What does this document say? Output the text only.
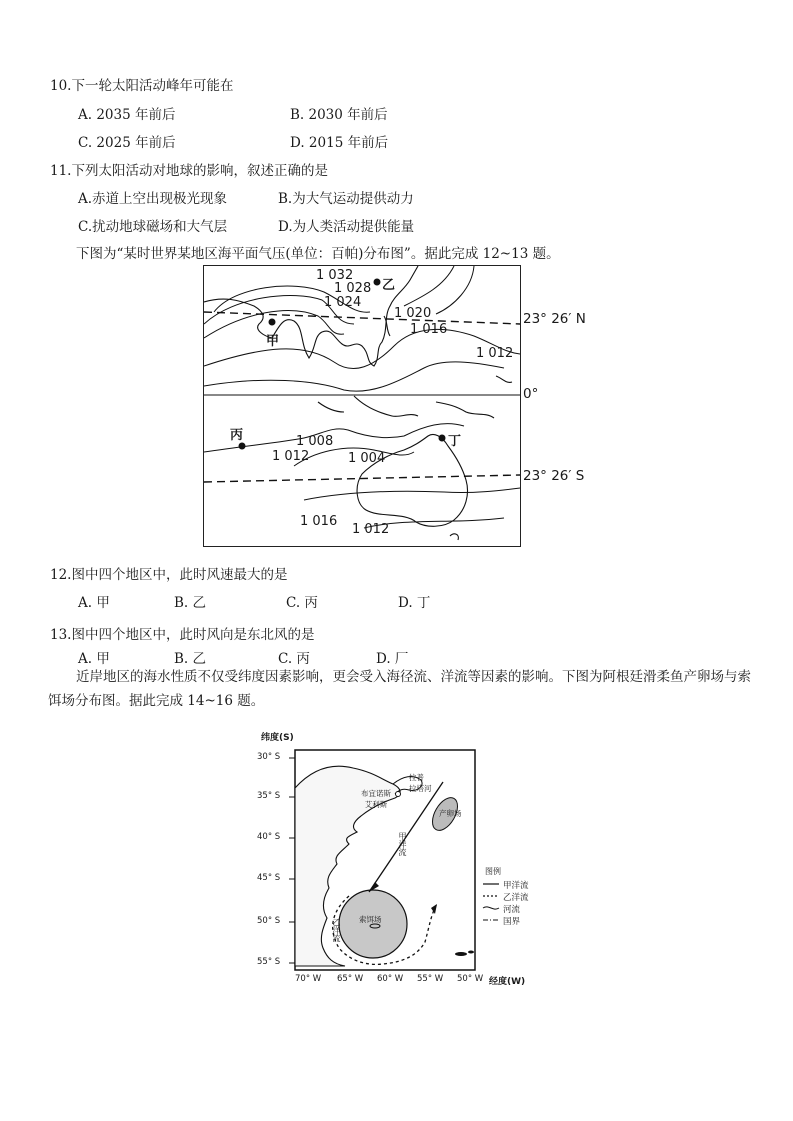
10.下一轮太阳活动峰年可能在
A. 2035 年前后	B. 2030 年前后
C. 2025 年前后	D. 2015 年前后
11.下列太阳活动对地球的影响，叙述正确的是
A.赤道上空出现极光现象	B.为大气运动提供动力
C.扰动地球磁场和大气层	D.为人类活动提供能量
下图为“某时世界某地区海平面气压(单位：百帕)分布图”。据此完成 12~13 题。
1 032
1 028
1 024
1 020
1 016
1 012
1 008
1 004
1 012
1 016
1 012
甲
乙
丙	丁
23° 26′ N
0°
23° 26′ S
12.图中四个地区中，此时风速最大的是
A. 甲	B. 乙	C. 丙	D. 丁
13.图中四个地区中，此时风向是东北风的是
A. 甲	B. 乙	C. 丙	D. 厂
近岸地区的海水性质不仅受纬度因素影响，更会受入海径流、洋流等因素的影响。下图为阿根廷滑柔鱼产卵场与索饵场分布图。据此完成 14~16 题。
纬度(S)
经度(W)
30° S
35° S
40° S
45° S
50° S
55° S
70° W 65° W 60° W 55° W 50° W
布宜诺斯
艾利斯
拉普
拉塔河
产卵场
索饵场
甲洋流
乙洋流
图例
甲洋流
乙洋流
河流
国界
